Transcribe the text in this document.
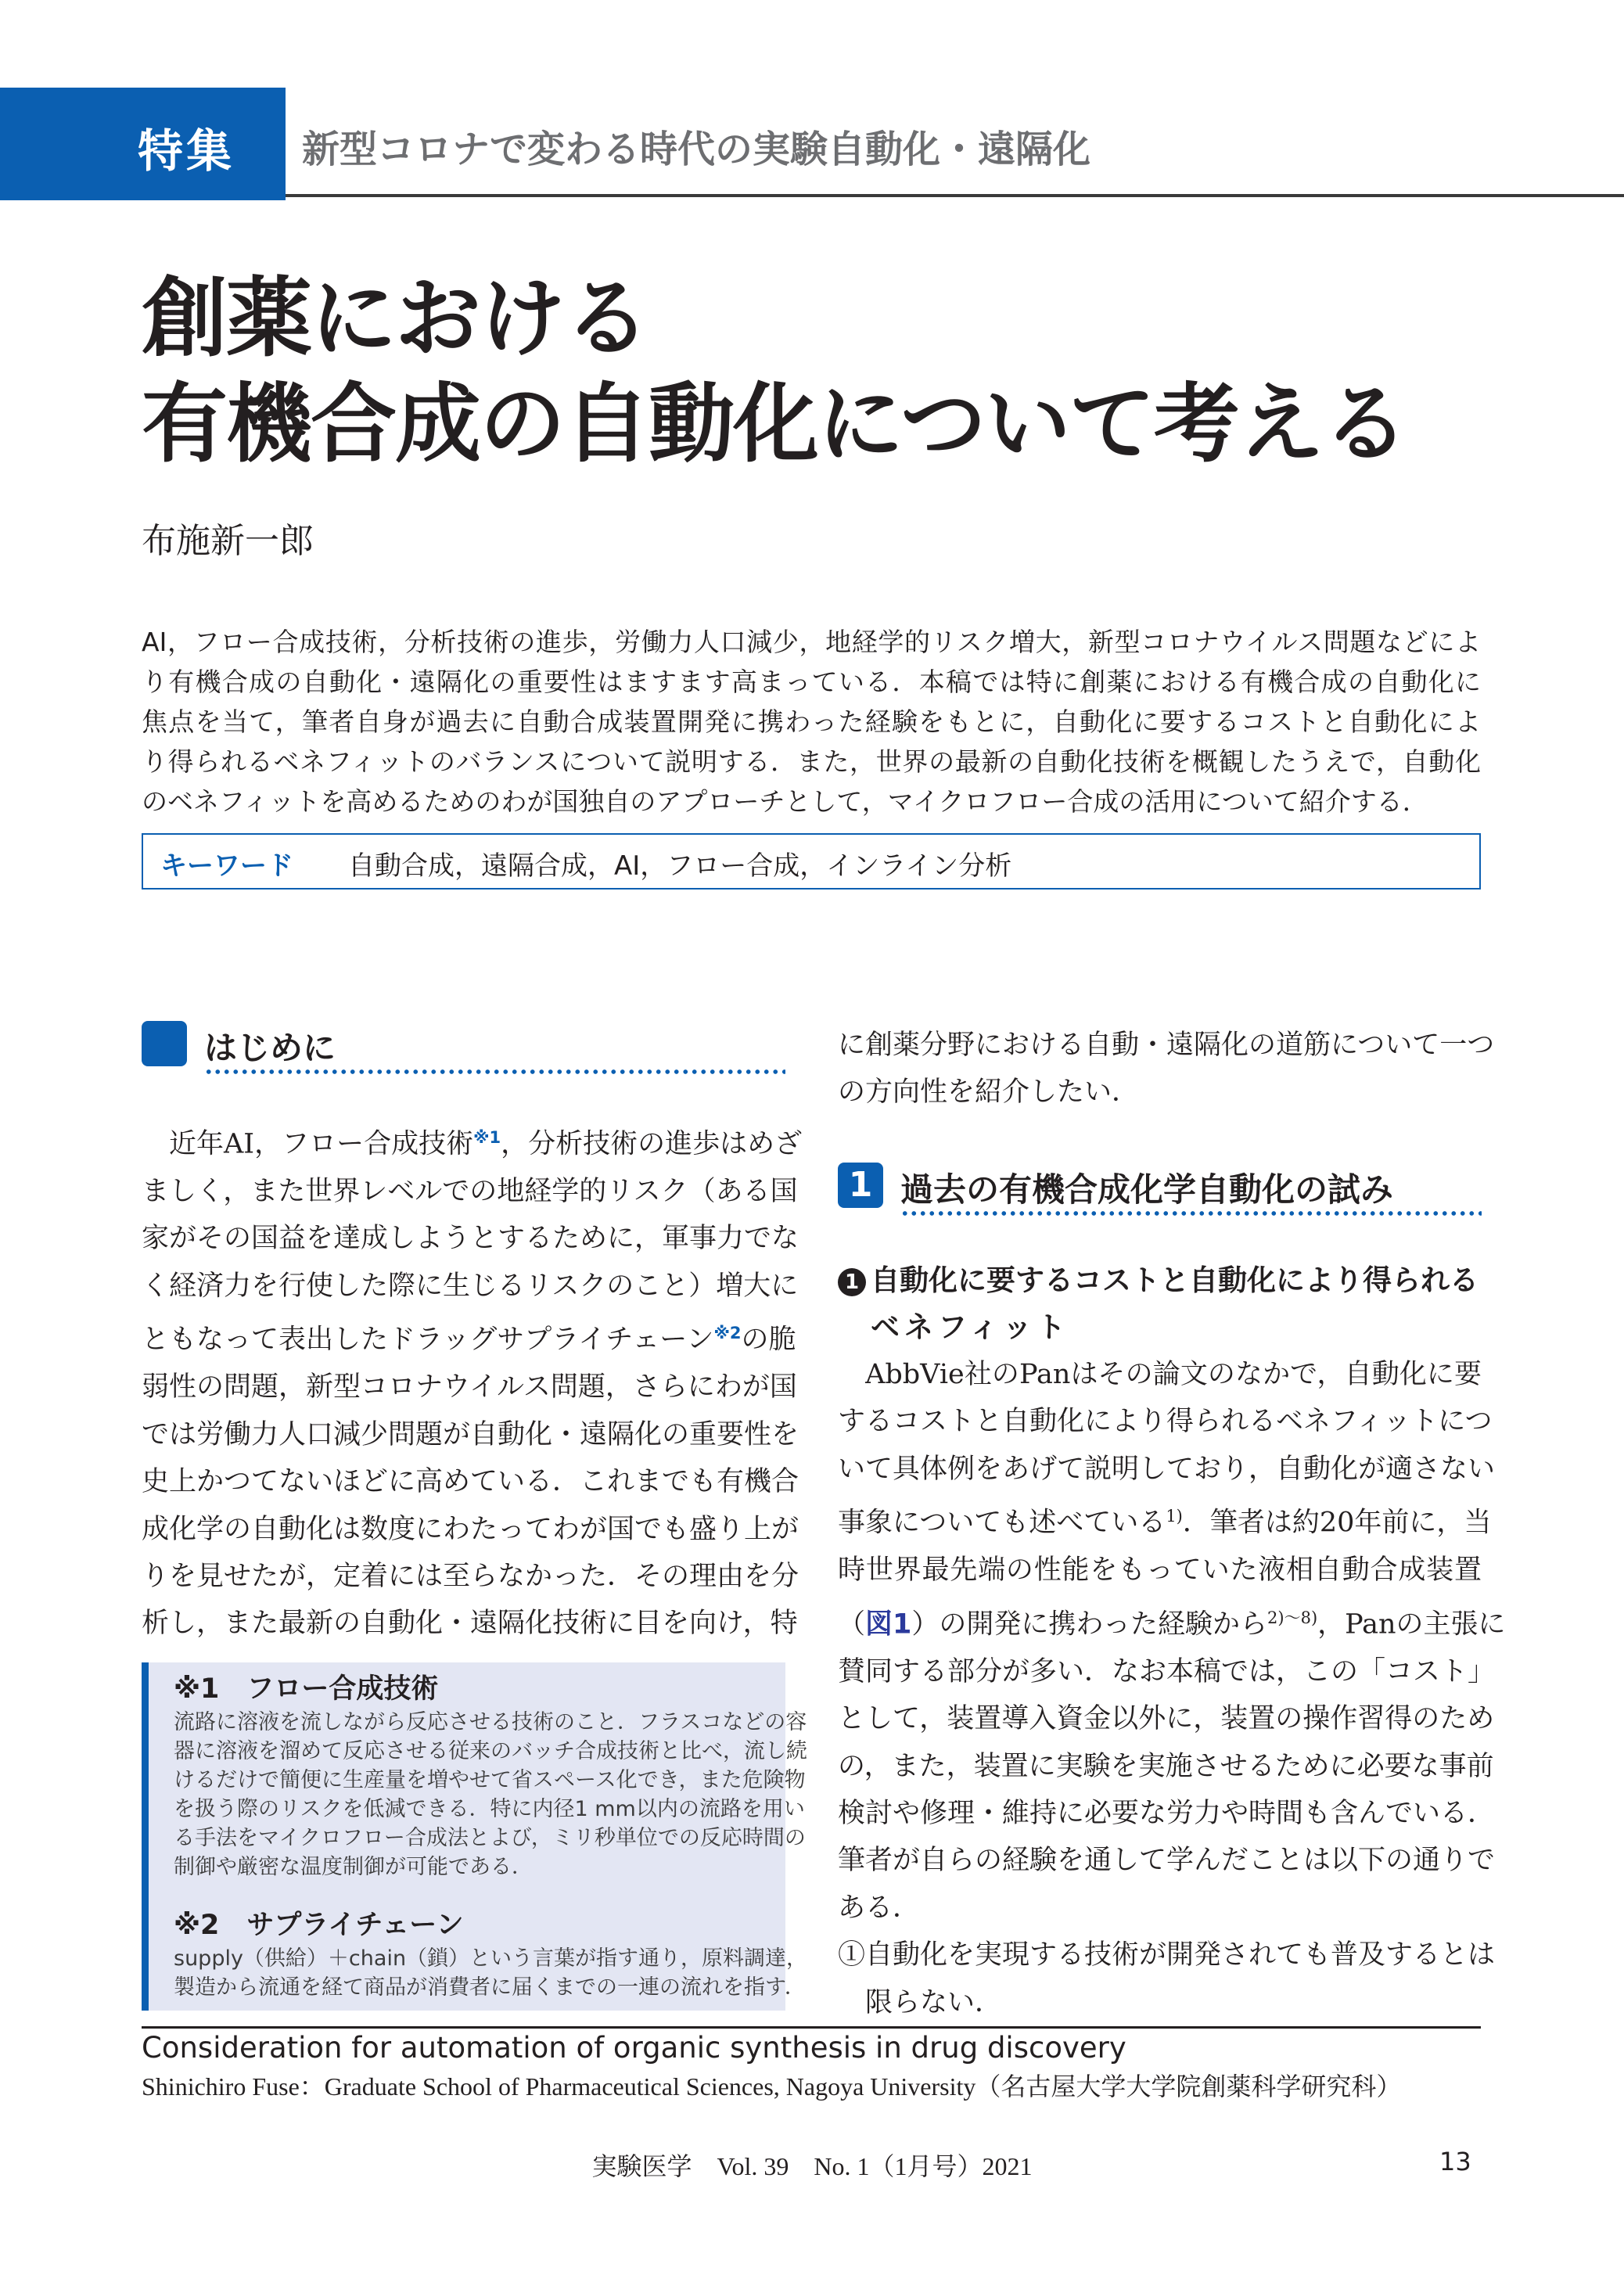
特集 新型コロナで変わる時代の実験自動化・遠隔化
創薬における
有機合成の自動化について考える
布施新一郎
AI，フロー合成技術，分析技術の進歩，労働力人口減少，地経学的リスク増大，新型コロナウイルス問題などによ
り有機合成の自動化・遠隔化の重要性はますます高まっている．本稿では特に創薬における有機合成の自動化に
焦点を当て，筆者自身が過去に自動合成装置開発に携わった経験をもとに，自動化に要するコストと自動化によ
り得られるベネフィットのバランスについて説明する．また，世界の最新の自動化技術を概観したうえで，自動化
のベネフィットを高めるためのわが国独自のアプローチとして，マイクロフロー合成の活用について紹介する．
キーワード 自動合成，遠隔合成，AI，フロー合成，インライン分析
はじめに
　近年AI，フロー合成技術$^{※1}$，分析技術の進歩はめざ
ましく，また世界レベルでの地経学的リスク（ある国
家がその国益を達成しようとするために，軍事力でな
く経済力を行使した際に生じるリスクのこと）増大に
ともなって表出したドラッグサプライチェーン$^{※2}$の脆
弱性の問題，新型コロナウイルス問題，さらにわが国
では労働力人口減少問題が自動化・遠隔化の重要性を
史上かつてないほどに高めている．これまでも有機合
成化学の自動化は数度にわたってわが国でも盛り上が
りを見せたが，定着には至らなかった．その理由を分
析し，また最新の自動化・遠隔化技術に目を向け，特
※1　フロー合成技術
流路に溶液を流しながら反応させる技術のこと．フラスコなどの容
器に溶液を溜めて反応させる従来のバッチ合成技術と比べ，流し続
けるだけで簡便に生産量を増やせて省スペース化でき，また危険物
を扱う際のリスクを低減できる．特に内径1 mm以内の流路を用い
る手法をマイクロフロー合成法とよび，ミリ秒単位での反応時間の
制御や厳密な温度制御が可能である．
※2　サプライチェーン
supply（供給）＋chain（鎖）という言葉が指す通り，原料調達，
製造から流通を経て商品が消費者に届くまでの一連の流れを指す．
に創薬分野における自動・遠隔化の道筋について一つ
の方向性を紹介したい．
1 過去の有機合成化学自動化の試み
1 自動化に要するコストと自動化により得られる
ベネフィット
　AbbVie社のPanはその論文のなかで，自動化に要
するコストと自動化により得られるベネフィットにつ
いて具体例をあげて説明しており，自動化が適さない
事象についても述べている$^{1)}$．筆者は約20年前に，当
時世界最先端の性能をもっていた液相自動合成装置
（図1）の開発に携わった経験から$^{2)\sim 8)}$，Panの主張に
賛同する部分が多い．なお本稿では，この「コスト」
として，装置導入資金以外に，装置の操作習得のため
の，また，装置に実験を実施させるために必要な事前
検討や修理・維持に必要な労力や時間も含んでいる．
筆者が自らの経験を通して学んだことは以下の通りで
ある．
①自動化を実現する技術が開発されても普及するとは
　限らない．
Consideration for automation of organic synthesis in drug discovery
Shinichiro Fuse：Graduate School of Pharmaceutical Sciences, Nagoya University（名古屋大学大学院創薬科学研究科）
実験医学　Vol. 39　No. 1（1月号）2021	13
